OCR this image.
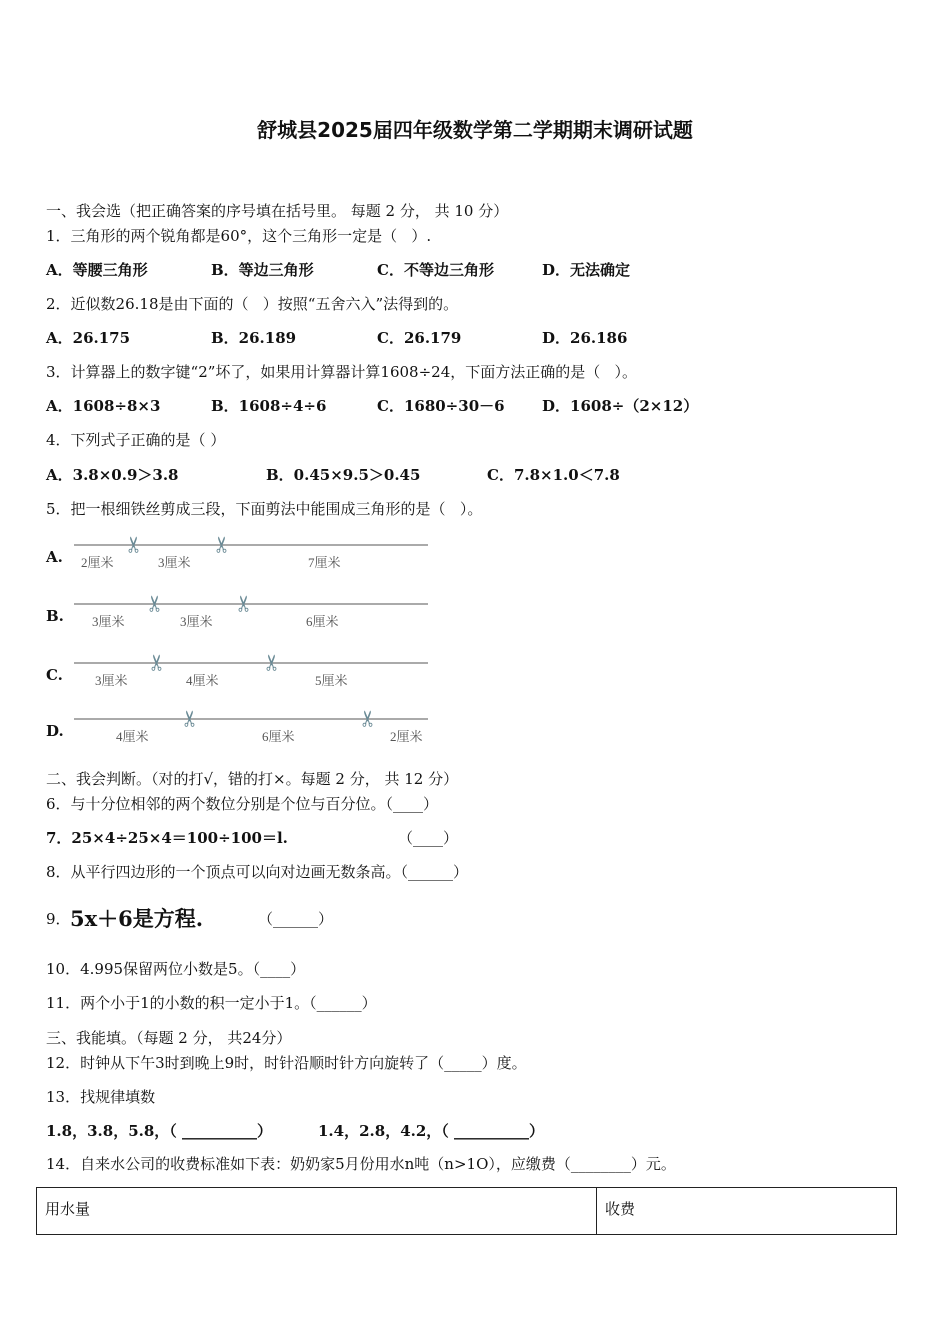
舒城县2025届四年级数学第二学期期末调研试题
一、我会选（把正确答案的序号填在括号里。 每题 2 分， 共 10 分）
1．三角形的两个锐角都是60°，这个三角形一定是（   ）.
A．等腰三角形	B．等边三角形	C．不等边三角形	D．无法确定
2．近似数26.18是由下面的（   ）按照“五舍六入”法得到的。
A．26.175	B．26.189	C．26.179	D．26.186
3．计算器上的数字键“2”坏了，如果用计算器计算1608÷24，下面方法正确的是（   ）。
A．1608÷8×3	B．1608÷4÷6	C．1680÷30－6 D．1608÷（2×12）
4．下列式子正确的是（ ）
A．3.8×0.9＞3.8	B．0.45×9.5＞0.45	C．7.8×1.0＜7.8
5．把一根细铁丝剪成三段，下面剪法中能围成三角形的是（   ）。
A. 2厘米
✂
3厘米
✂
7厘米
B. 3厘米
✂
3厘米
✂
6厘米
C. 3厘米
✂
4厘米
✂
5厘米
D.	4厘米
✂
6厘米
✂
2厘米
二、我会判断。（对的打√，错的打×。每题 2 分， 共 12 分）
6．与十分位相邻的两个数位分别是个位与百分位。（____）
7．25×4÷25×4＝100÷100＝l.	（____）
8．从平行四边形的一个顶点可以向对边画无数条高。（______）
9． 5x＋6是方程.	（______）
10．4.995保留两位小数是5。（____）
11．两个小于1的小数的积一定小于1。（______）
三、我能填。（每题 2 分， 共24分）
12．时钟从下午3时到晚上9时，时针沿顺时针方向旋转了（_____）度。
13．找规律填数
1.8，3.8，5.8，（ __________）	1.4，2.8，4.2，（ __________）
14．自来水公司的收费标准如下表：奶奶家5月份用水n吨（n>1O），应缴费（________）元。
用水量	收费
